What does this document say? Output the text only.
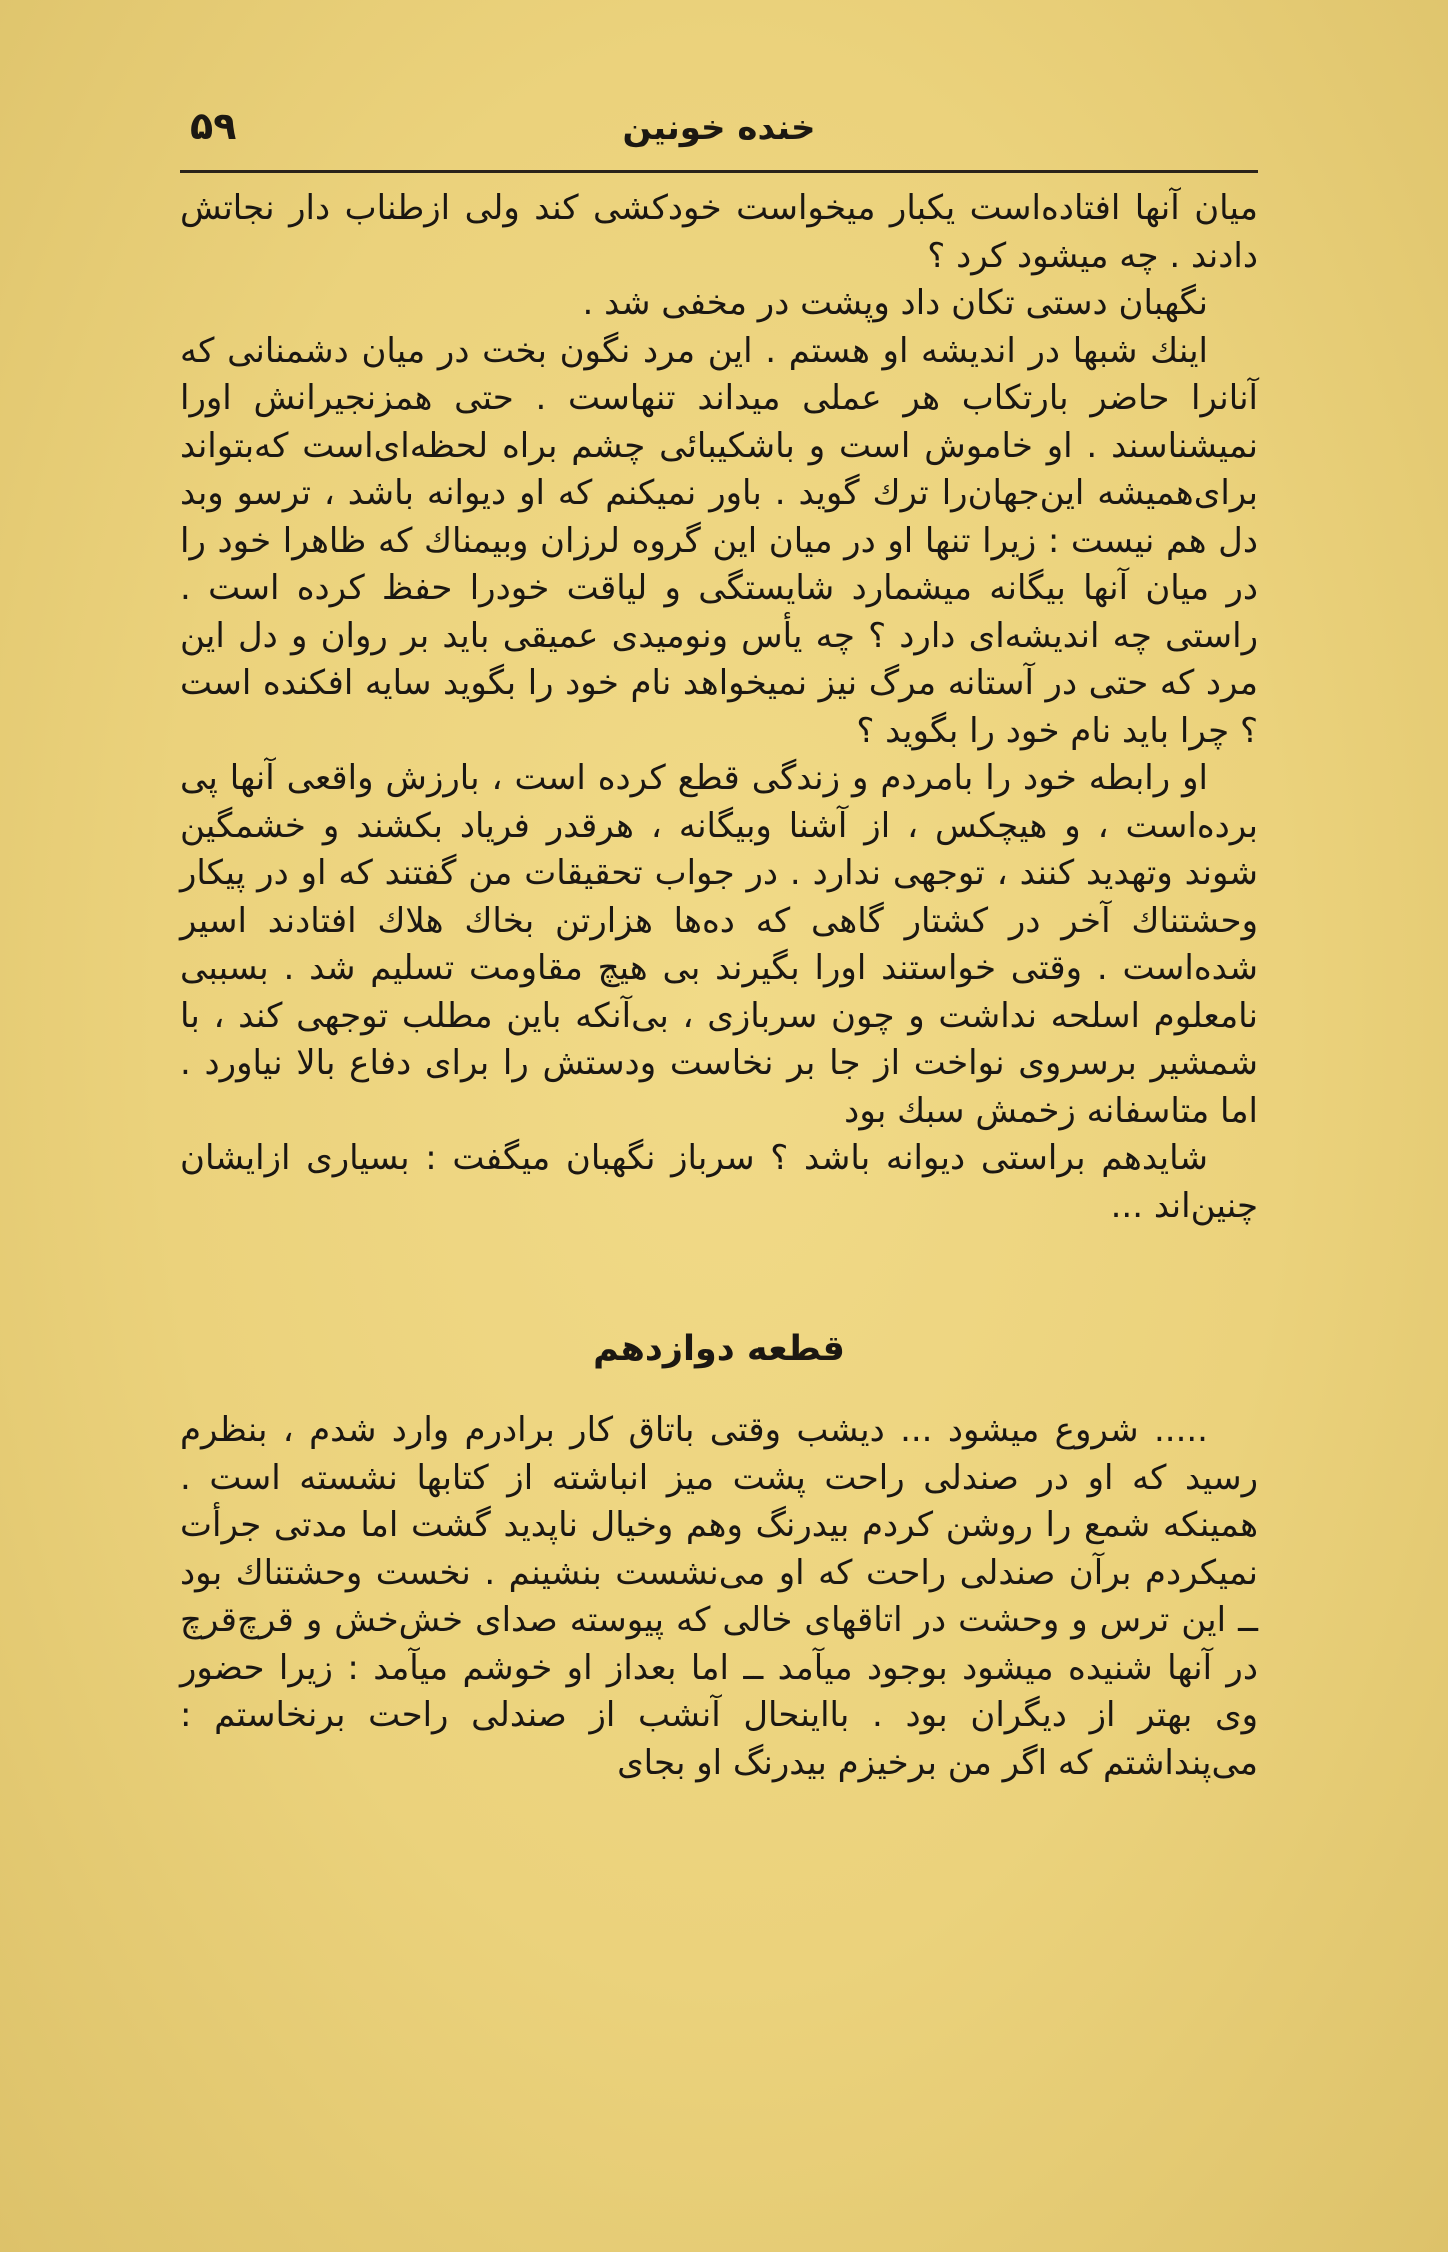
خنده خونین
۵۹

میان آنها افتاده‌است یکبار میخواست خودکشی کند ولی ازطناب دار نجاتش دادند . چه میشود کرد ؟

نگهبان دستی تکان داد وپشت در مخفی شد .

اینك شبها در اندیشه او هستم . این مرد نگون بخت در میان دشمنانی که آنانرا حاضر بارتکاب هر عملی میداند تنهاست . حتی همزنجیرانش اورا نمیشناسند . او خاموش است و باشکیبائی چشم براه لحظه‌ای‌است که‌بتواند برای‌همیشه این‌جهان‌را ترك گوید . باور نمیکنم که او دیوانه باشد ، ترسو وبد دل هم نیست : زیرا تنها او در میان این گروه لرزان وبیمناك که ظاهرا خود را در میان آنها بیگانه میشمارد شایستگی و لیاقت خودرا حفظ کرده است . راستی چه اندیشه‌ای دارد ؟ چه یأس ونومیدی عمیقی باید بر روان و دل این مرد که حتی در آستانه مرگ نیز نمیخواهد نام خود را بگوید سایه افکنده است ؟ چرا باید نام خود را بگوید ؟

او رابطه خود را بامردم و زندگی قطع کرده است ، بارزش واقعی آنها پی برده‌است ، و هیچکس ، از آشنا وبیگانه ، هرقدر فریاد بکشند و خشمگین شوند وتهدید کنند ، توجهی ندارد . در جواب تحقیقات من گفتند که او در پیکار وحشتناك آخر در کشتار گاهی که ده‌ها هزارتن بخاك هلاك افتادند اسیر شده‌است . وقتی خواستند اورا بگیرند بی هیچ مقاومت تسلیم شد . بسببی نامعلوم اسلحه نداشت و چون سربازی ، بی‌آنکه باین مطلب توجهی کند ، با شمشیر برسروی نواخت از جا بر نخاست ودستش را برای دفاع بالا نیاورد . اما متاسفانه زخمش سبك بود

شایدهم براستی دیوانه باشد ؟ سرباز نگهبان میگفت : بسیاری ازایشان چنین‌اند ...

قطعه دوازدهم

..... شروع میشود ... دیشب وقتی باتاق کار برادرم وارد شدم ، بنظرم رسید که او در صندلی راحت پشت میز انباشته از کتابها نشسته است . همینکه شمع را روشن کردم بیدرنگ وهم وخیال ناپدید گشت اما مدتی جرأت نمیکردم برآن صندلی راحت که او می‌نشست بنشینم . نخست وحشتناك بود ــ این ترس و وحشت در اتاقهای خالی که پیوسته صدای خش‌خش و قرچ‌قرچ در آنها شنیده میشود بوجود میآمد ــ اما بعداز او خوشم میآمد : زیرا حضور وی بهتر از دیگران بود . بااینحال آنشب از صندلی راحت برنخاستم : می‌پنداشتم که اگر من برخیزم بیدرنگ او بجای
